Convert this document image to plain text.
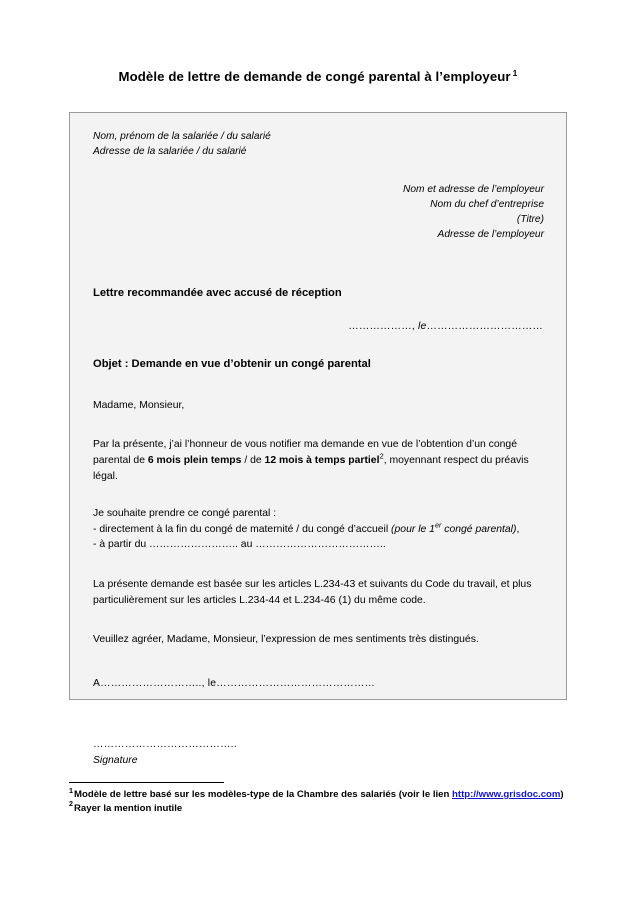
Modèle de lettre de demande de congé parental à l’employeur $^1$
Nom, prénom de la salariée / du salarié
Adresse de la salariée / du salarié
Nom et adresse de l’employeur
Nom du chef d’entreprise
(Titre)
Adresse de l’employeur
Lettre recommandée avec accusé de réception
………………, le……………………………
Objet : Demande en vue d’obtenir un congé parental
Madame, Monsieur,
Par la présente, j’ai l’honneur de vous notifier ma demande en vue de l’obtention d’un congé parental de 6 mois plein temps / de 12 mois à temps partiel$^2$, moyennant respect du préavis légal.
Je souhaite prendre ce congé parental :
- directement à la fin du congé de maternité / du congé d’accueil (pour le 1er congé parental),
- à partir du …………………….. au ………………………………..
La présente demande est basée sur les articles L.234-43 et suivants du Code du travail, et plus particulièrement sur les articles L.234-44 et L.234-46 (1) du même code.
Veuillez agréer, Madame, Monsieur, l’expression de mes sentiments très distingués.
A……………………….., le………………………………………
…………………………………..
Signature
$^1$Modèle de lettre basé sur les modèles-type de la Chambre des salariés (voir le lien http://www.grisdoc.com)
$^2$Rayer la mention inutile
